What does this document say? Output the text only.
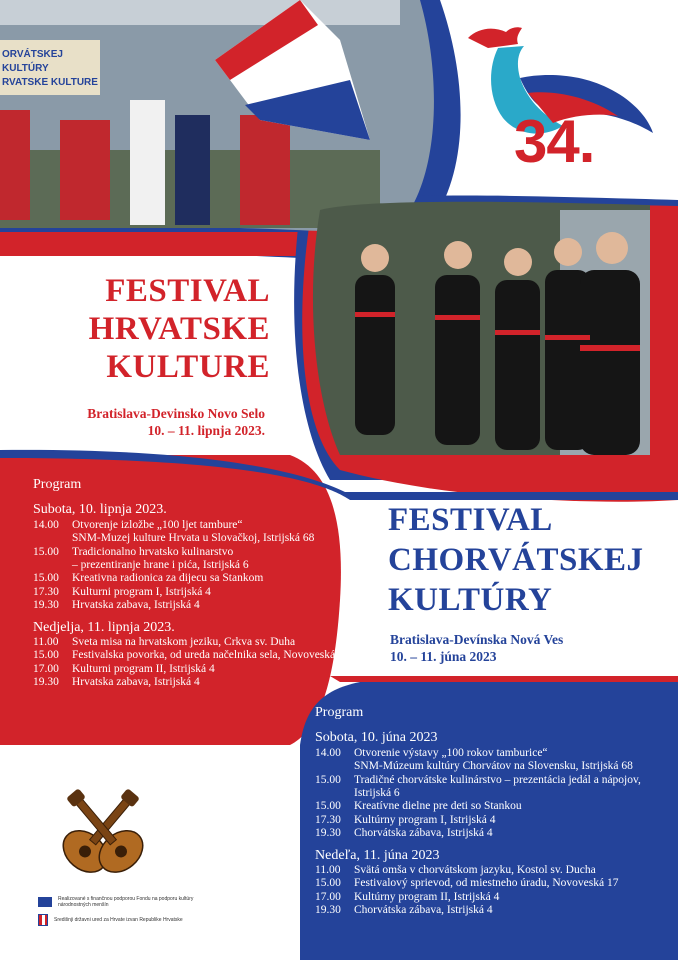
ORVÁTSKEJ KULTÚRY
RVATSKE KULTURE
34.
FESTIVAL
HRVATSKE
KULTURE
Bratislava-Devinsko Novo Selo
10. – 11. lipnja 2023.
FESTIVAL
CHORVÁTSKEJ
KULTÚRY
Bratislava-Devínska Nová Ves
10. – 11. júna 2023
Program
Subota, 10. lipnja 2023.
14.00	Otvorenje izložbe „100 ljet tambure“
SNM-Muzej kulture Hrvata u Slovačkoj, Istrijská 68
15.00	Tradicionalno hrvatsko kulinarstvo
– prezentiranje hrane i pića, Istrijská 6
15.00	Kreativna radionica za dijecu sa Stankom
17.30	Kulturni program I, Istrijská 4
19.30	Hrvatska zabava, Istrijská 4
Nedjelja, 11. lipnja 2023.
11.00	Sveta misa na hrvatskom jeziku, Crkva sv. Duha
15.00	Festivalska povorka, od ureda načelnika sela, Novoveská 17
17.00	Kulturni program II, Istrijská 4
19.30	Hrvatska zabava, Istrijská 4
Program
Sobota, 10. júna 2023
14.00	Otvorenie výstavy „100 rokov tamburice“
SNM-Múzeum kultúry Chorvátov na Slovensku, Istrijská 68
15.00	Tradičné chorvátske kulinárstvo – prezentácia jedál a nápojov,
Istrijská 6
15.00	Kreatívne dielne pre deti so Stankou
17.30	Kultúrny program I, Istrijská 4
19.30	Chorvátska zábava, Istrijská 4
Nedeľa, 11. júna 2023
11.00	Svätá omša v chorvátskom jazyku, Kostol sv. Ducha
15.00	Festivalový sprievod, od miestneho úradu, Novoveská 17
17.00	Kultúrny program II, Istrijská 4
19.30	Chorvátska zábava, Istrijská 4
Realizované s finančnou podporou Fondu na podporu kultúry národnostných menšín
Središnji državni ured za Hrvate izvan Republike Hrvatske
